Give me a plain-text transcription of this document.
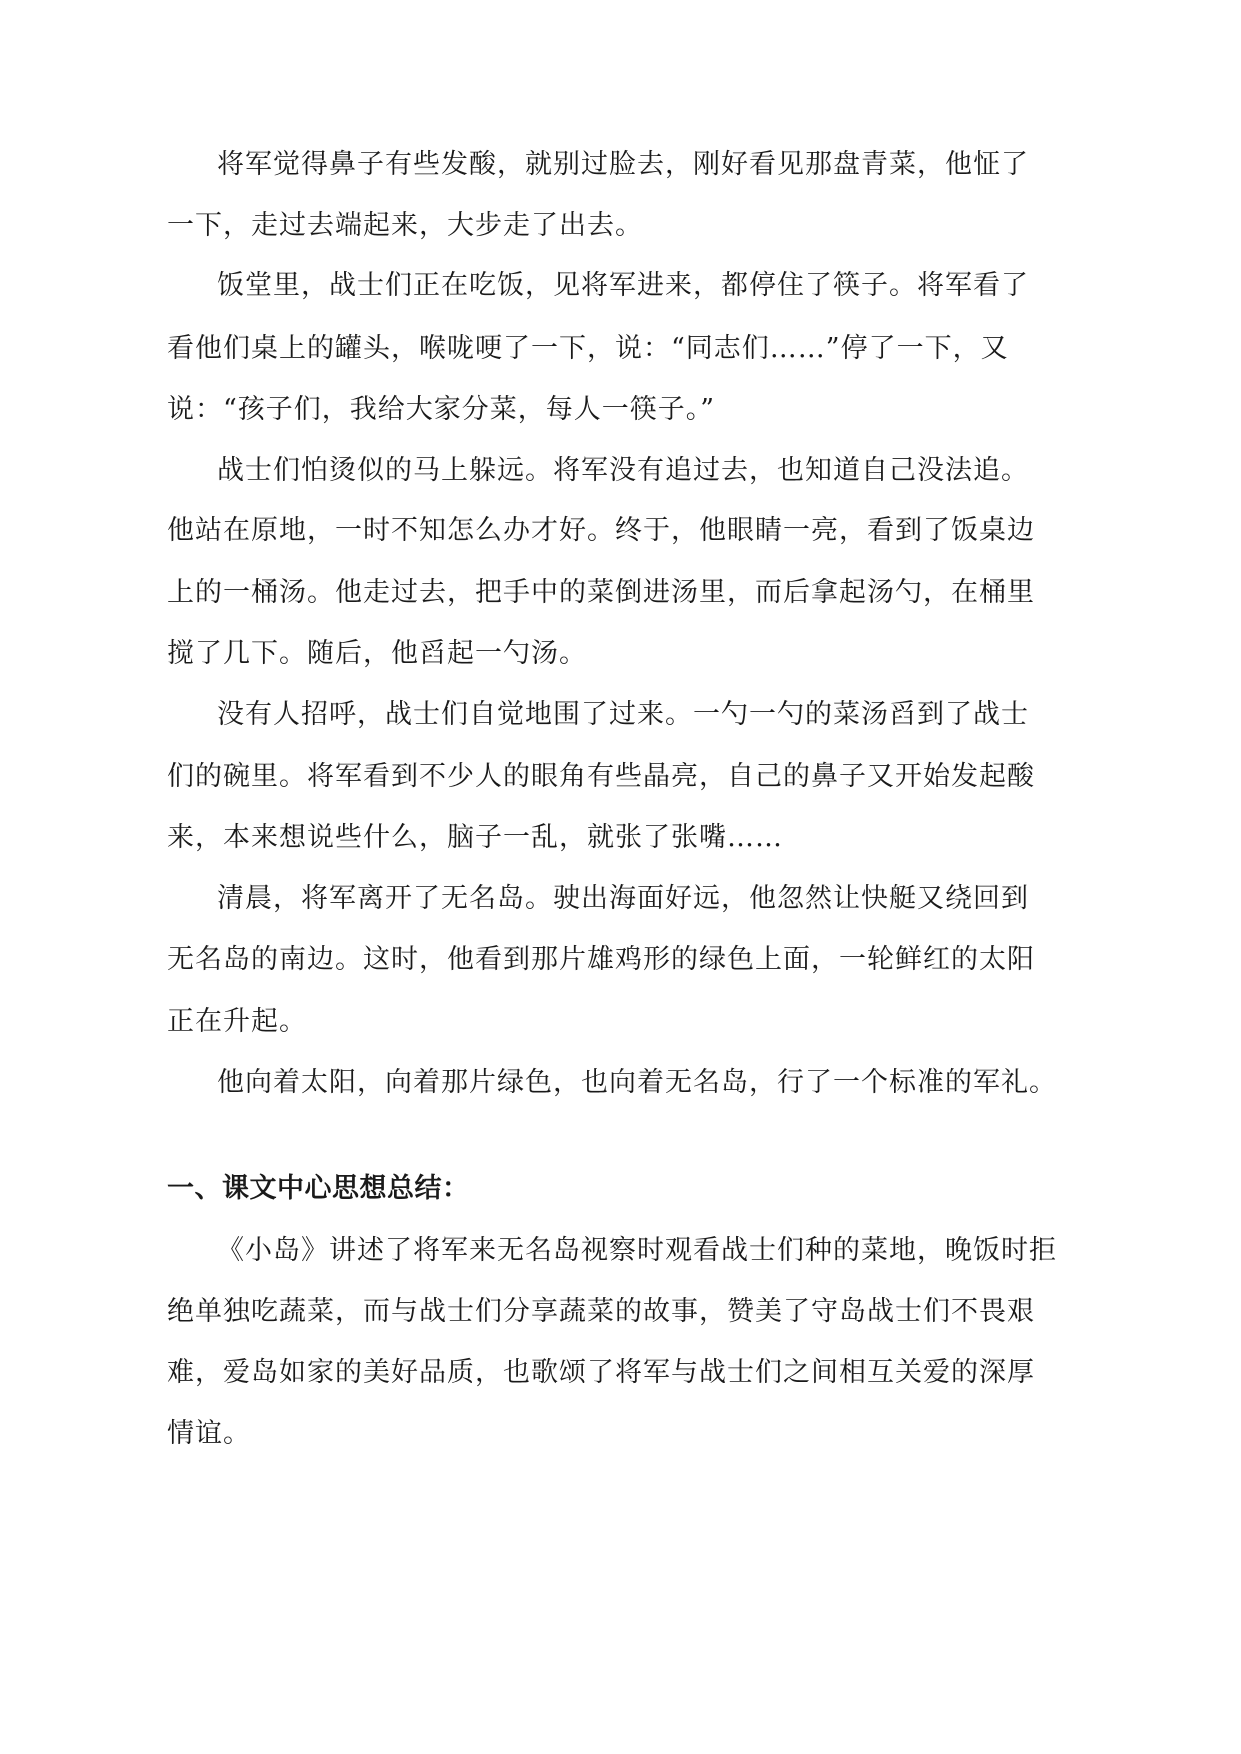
将军觉得鼻子有些发酸，就别过脸去，刚好看见那盘青菜，他怔了

一下，走过去端起来，大步走了出去。

饭堂里，战士们正在吃饭，见将军进来，都停住了筷子。将军看了

看他们桌上的罐头，喉咙哽了一下，说：“同志们……”停了一下，又

说：“孩子们，我给大家分菜，每人一筷子。”

战士们怕烫似的马上躲远。将军没有追过去，也知道自己没法追。

他站在原地，一时不知怎么办才好。终于，他眼睛一亮，看到了饭桌边

上的一桶汤。他走过去，把手中的菜倒进汤里，而后拿起汤勺，在桶里

搅了几下。随后，他舀起一勺汤。

没有人招呼，战士们自觉地围了过来。一勺一勺的菜汤舀到了战士

们的碗里。将军看到不少人的眼角有些晶亮，自己的鼻子又开始发起酸

来，本来想说些什么，脑子一乱，就张了张嘴……

清晨，将军离开了无名岛。驶出海面好远，他忽然让快艇又绕回到

无名岛的南边。这时，他看到那片雄鸡形的绿色上面，一轮鲜红的太阳

正在升起。

他向着太阳，向着那片绿色，也向着无名岛，行了一个标准的军礼。

一、课文中心思想总结：

《小岛》讲述了将军来无名岛视察时观看战士们种的菜地，晚饭时拒

绝单独吃蔬菜，而与战士们分享蔬菜的故事，赞美了守岛战士们不畏艰

难，爱岛如家的美好品质，也歌颂了将军与战士们之间相互关爱的深厚

情谊。
